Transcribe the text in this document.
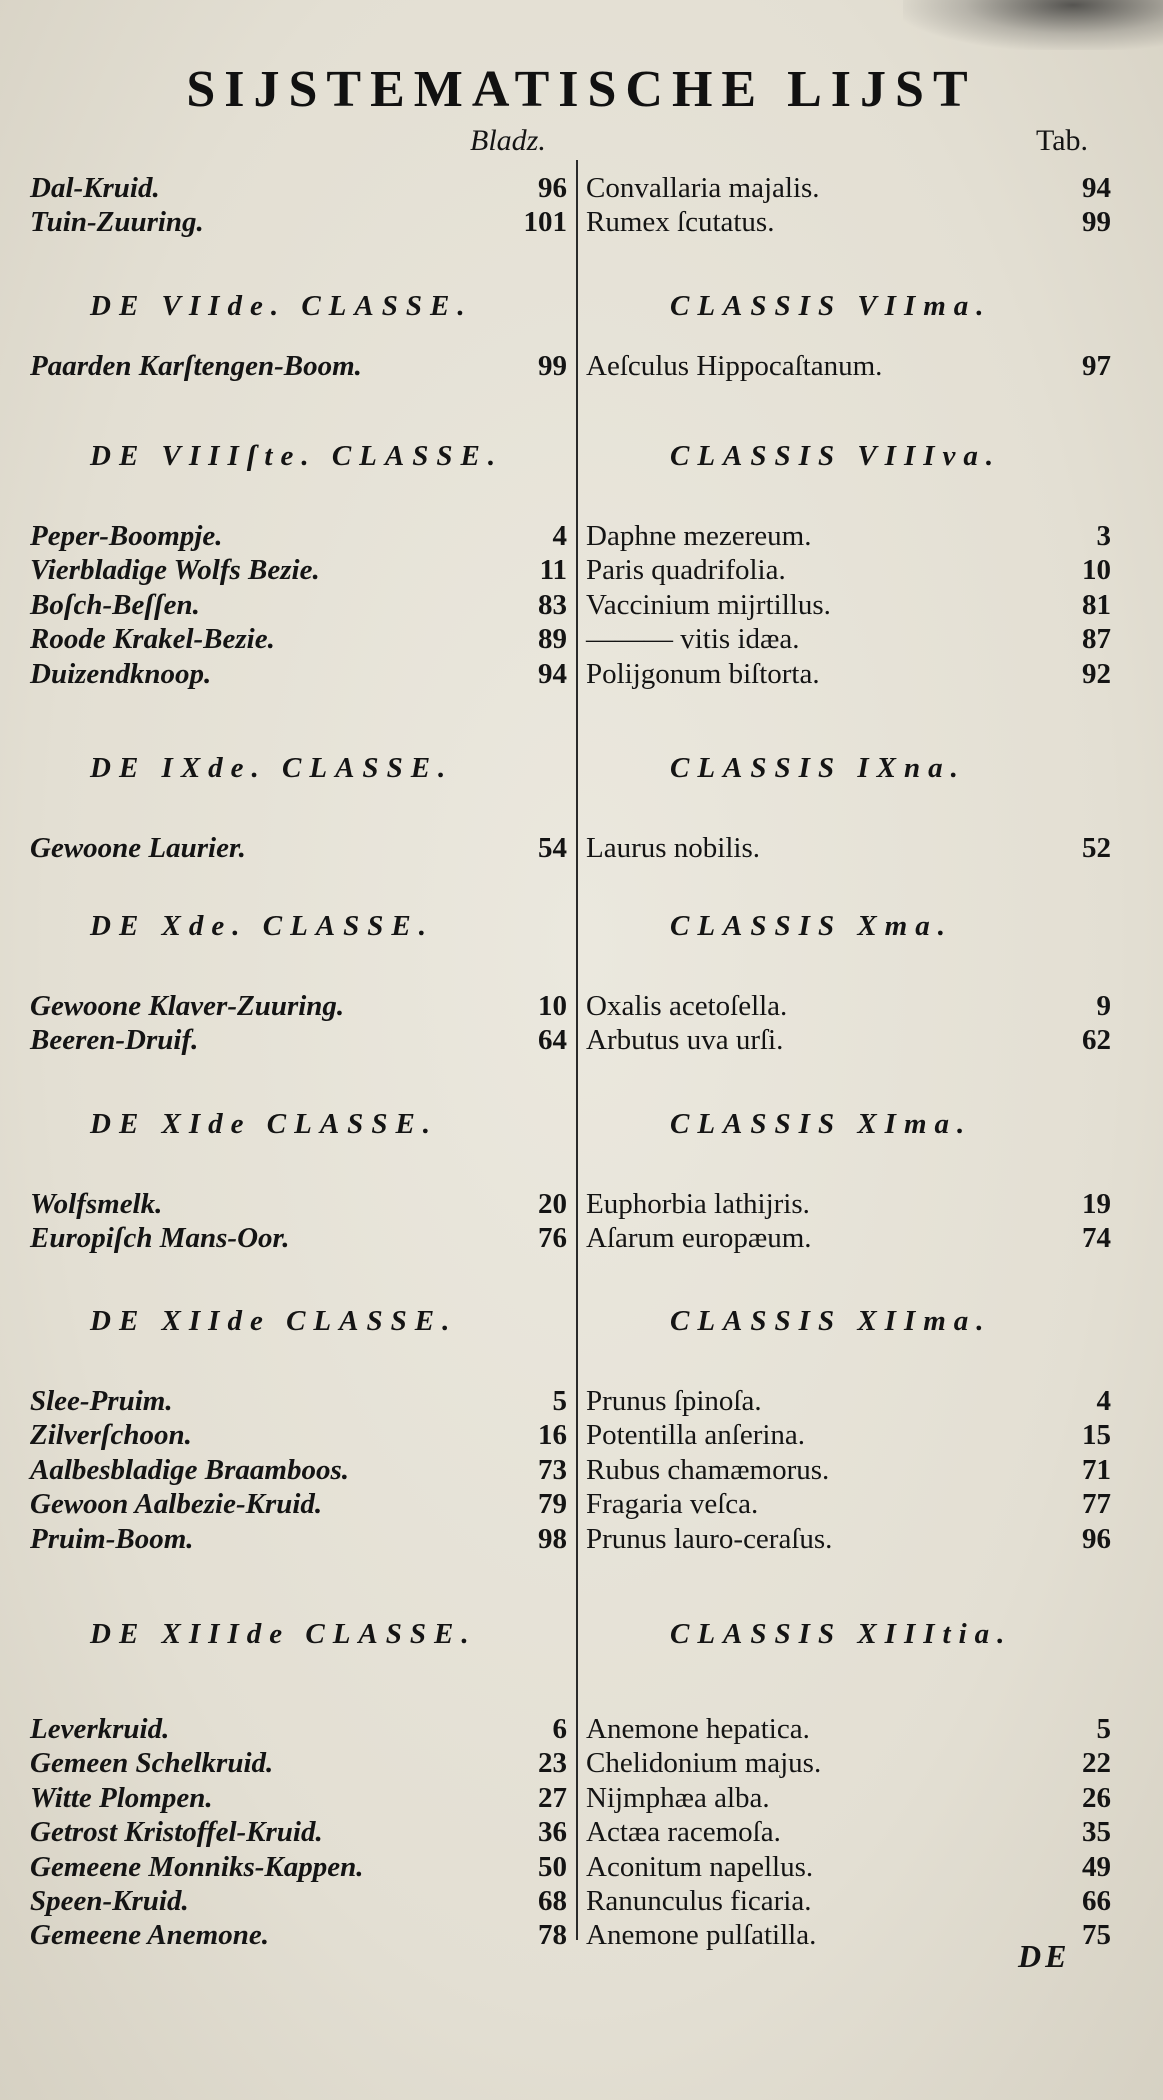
SIJSTEMATISCHE LIJST
Bladz.	Tab.
Dal-Kruid.	96 Convallaria majalis.	94
Tuin-Zuuring.	101 Rumex ſcutatus.	99
DE VIIde. CLASSE.	CLASSIS VIIma.
Paarden Karſtengen-Boom.	99 Aeſculus Hippocaſtanum.	97
DE VIIIſte. CLASSE.	CLASSIS VIIIva.
Peper-Boompje.	4 Daphne mezereum.	3
Vierbladige Wolfs Bezie.	11 Paris quadrifolia.	10
Boſch-Beſſen.	83 Vaccinium mijrtillus.	81
Roode Krakel-Bezie.	89 ——— vitis idæa.	87
Duizendknoop.	94 Polijgonum biſtorta.	92
DE IXde. CLASSE.	CLASSIS IXna.
Gewoone Laurier.	54 Laurus nobilis.	52
DE Xde. CLASSE.	CLASSIS Xma.
Gewoone Klaver-Zuuring.	10 Oxalis acetoſella.	9
Beeren-Druif.	64 Arbutus uva urſi.	62
DE XIde CLASSE.	CLASSIS XIma.
Wolfsmelk.	20 Euphorbia lathijris.	19
Europiſch Mans-Oor.	76 Aſarum europæum.	74
DE XIIde CLASSE.	CLASSIS XIIma.
Slee-Pruim.	5 Prunus ſpinoſa.	4
Zilverſchoon.	16 Potentilla anſerina.	15
Aalbesbladige Braamboos.	73 Rubus chamæmorus.	71
Gewoon Aalbezie-Kruid.	79 Fragaria veſca.	77
Pruim-Boom.	98 Prunus lauro-ceraſus.	96
DE XIIIde CLASSE.	CLASSIS XIIItia.
Leverkruid.	6 Anemone hepatica.	5
Gemeen Schelkruid.	23 Chelidonium majus.	22
Witte Plompen.	27 Nijmphæa alba.	26
Getrost Kristoffel-Kruid.	36 Actæa racemoſa.	35
Gemeene Monniks-Kappen.	50 Aconitum napellus.	49
Speen-Kruid.	68 Ranunculus ficaria.	66
Gemeene Anemone.	78 Anemone pulſatilla.	75
DE
